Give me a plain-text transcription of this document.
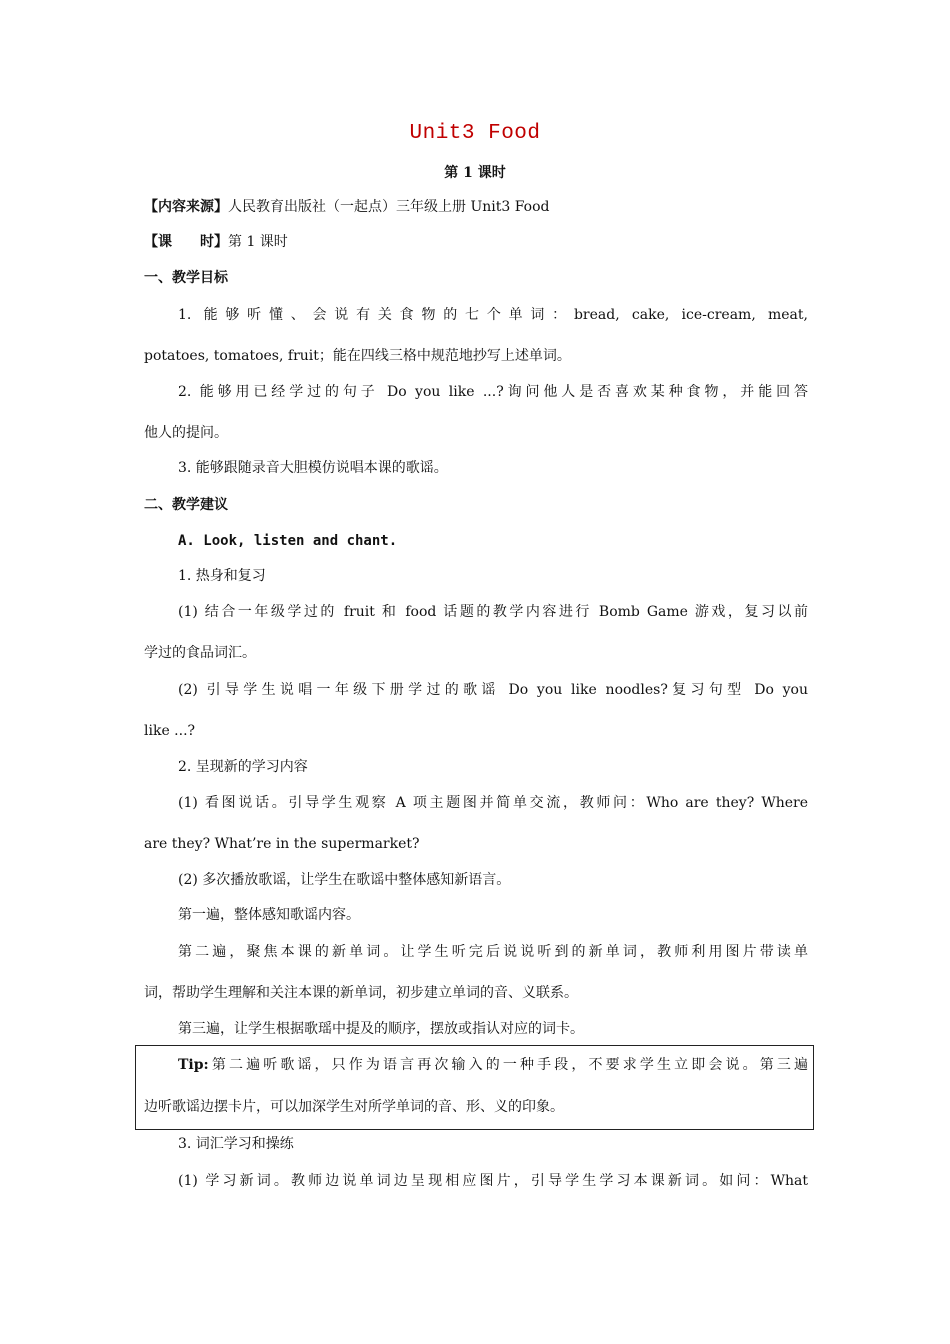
Unit3 Food
第 1 课时
【内容来源】人民教育出版社（一起点）三年级上册 Unit3 Food
【课　　时】第 1 课时
一、教学目标
1. 能够听懂、会说有关食物的七个单词：bread, cake, ice-cream, meat,
potatoes, tomatoes, fruit；能在四线三格中规范地抄写上述单词。
2. 能够用已经学过的句子 Do you like ...?询问他人是否喜欢某种食物，并能回答
他人的提问。
3. 能够跟随录音大胆模仿说唱本课的歌谣。
二、教学建议
A. Look, listen and chant.
1. 热身和复习
(1) 结合一年级学过的 fruit 和 food 话题的教学内容进行 Bomb Game 游戏，复习以前
学过的食品词汇。
(2) 引导学生说唱一年级下册学过的歌谣 Do you like noodles?复习句型 Do you
like ...?
2. 呈现新的学习内容
(1) 看图说话。引导学生观察 A 项主题图并简单交流，教师问：Who are they? Where
are they? What’re in the supermarket?
(2) 多次播放歌谣，让学生在歌谣中整体感知新语言。
第一遍，整体感知歌谣内容。
第二遍，聚焦本课的新单词。让学生听完后说说听到的新单词，教师利用图片带读单
词，帮助学生理解和关注本课的新单词，初步建立单词的音、义联系。
第三遍，让学生根据歌瑶中提及的顺序，摆放或指认对应的词卡。
Tip:第二遍听歌谣，只作为语言再次输入的一种手段，不要求学生立即会说。第三遍
边听歌谣边摆卡片，可以加深学生对所学单词的音、形、义的印象。
3. 词汇学习和操练
(1) 学习新词。教师边说单词边呈现相应图片，引导学生学习本课新词。如问：What
